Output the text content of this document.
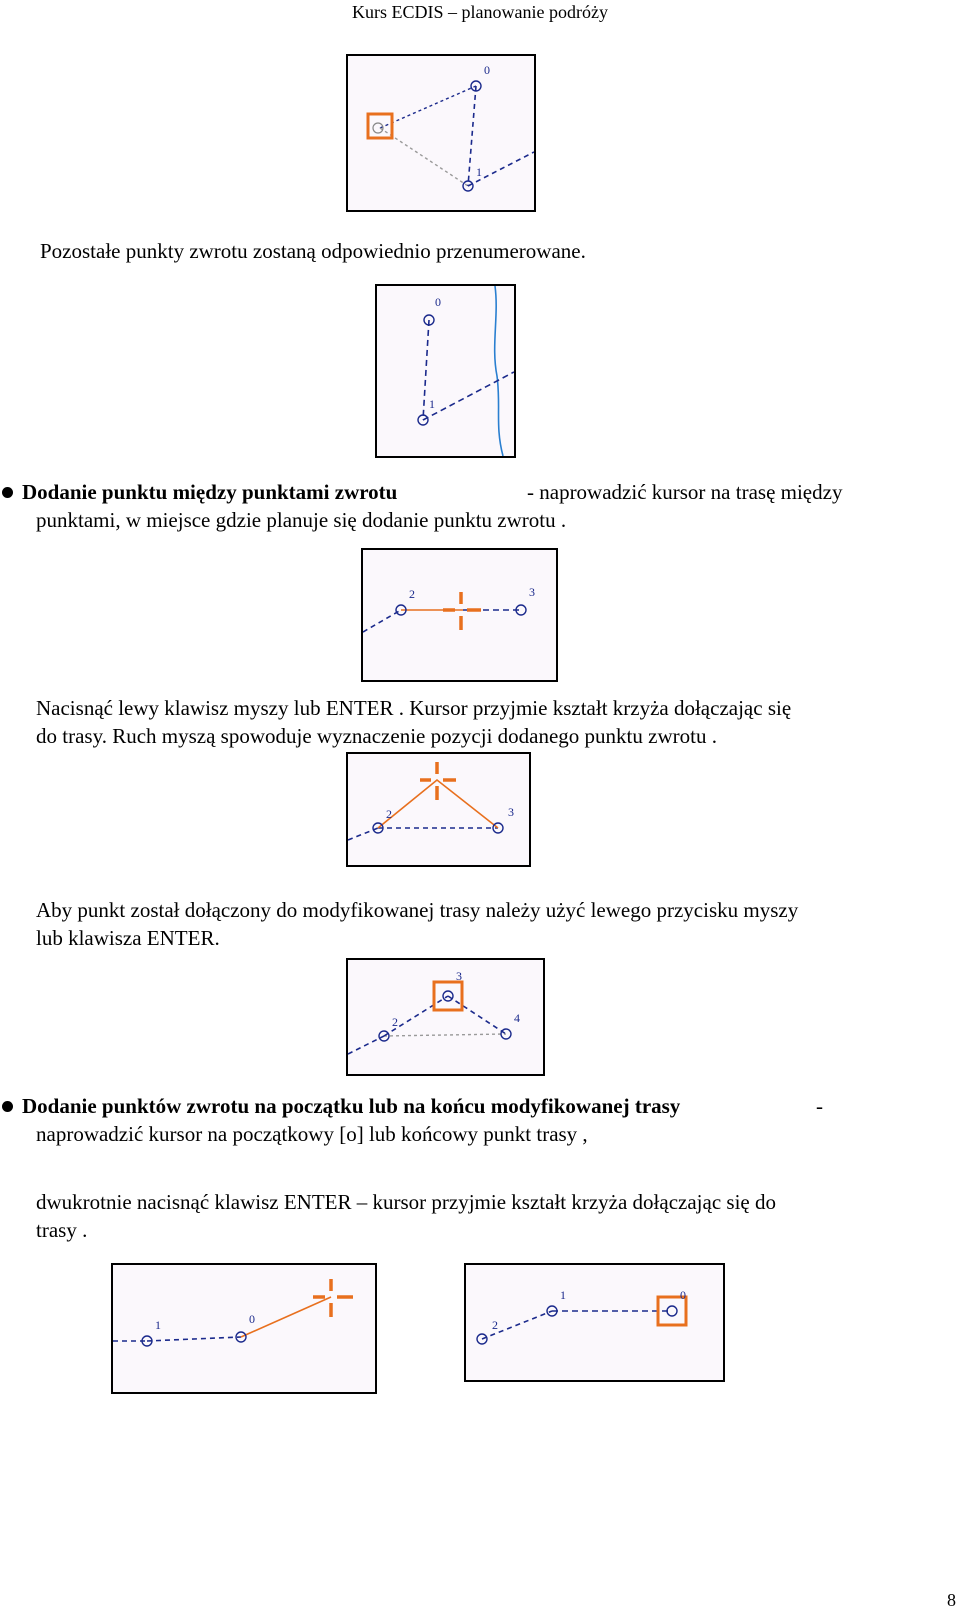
Kurs ECDIS – planowanie podróży
0
1
Pozostałe punkty zwrotu zostaną odpowiednio przenumerowane.
0
1
Dodanie punktu między punktami zwrotu	- naprowadzić kursor na trasę między
punktami, w miejsce gdzie planuje się dodanie punktu zwrotu .
2	3
Nacisnąć lewy klawisz myszy lub ENTER . Kursor przyjmie kształt krzyża dołączając się
do trasy. Ruch myszą spowoduje wyznaczenie pozycji dodanego punktu zwrotu .
2	3
Aby punkt został dołączony do modyfikowanej trasy należy użyć lewego przycisku myszy
lub klawisza ENTER.
3
2	4
Dodanie punktów zwrotu na początku lub na końcu modyfikowanej trasy	-
naprowadzić kursor na początkowy [o] lub końcowy punkt trasy ,
dwukrotnie nacisnąć klawisz ENTER – kursor przyjmie kształt krzyża dołączając się do
trasy .
1	0
1
2
0
8
